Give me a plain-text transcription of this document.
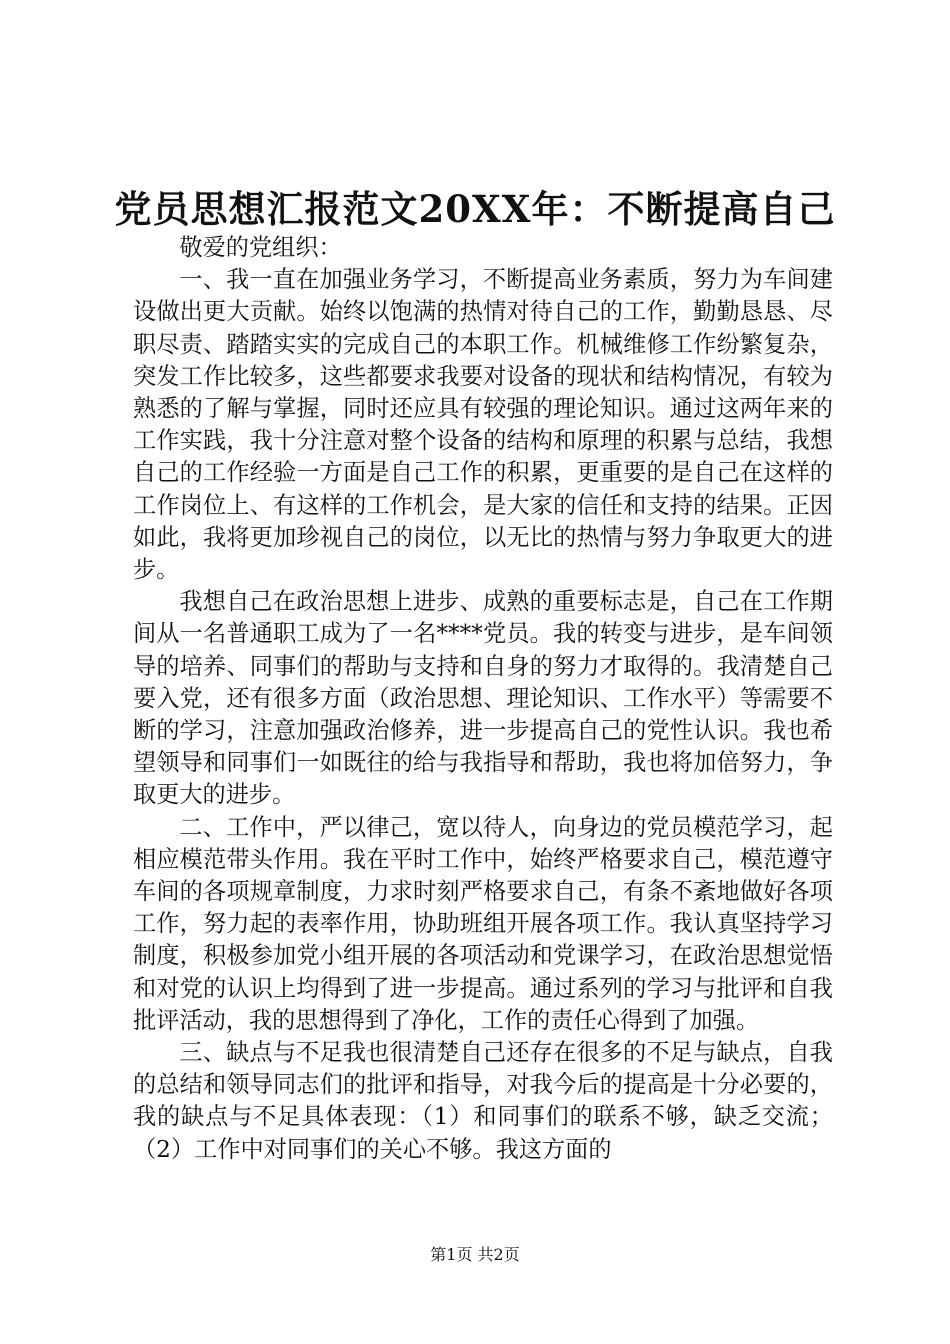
党员思想汇报范文20XX年：不断提高自己

敬爱的党组织：

一、我一直在加强业务学习，不断提高业务素质，努力为车间建设做出更大贡献。始终以饱满的热情对待自己的工作，勤勤恳恳、尽职尽责、踏踏实实的完成自己的本职工作。机械维修工作纷繁复杂，突发工作比较多，这些都要求我要对设备的现状和结构情况，有较为熟悉的了解与掌握，同时还应具有较强的理论知识。通过这两年来的工作实践，我十分注意对整个设备的结构和原理的积累与总结，我想自己的工作经验一方面是自己工作的积累，更重要的是自己在这样的工作岗位上、有这样的工作机会，是大家的信任和支持的结果。正因如此，我将更加珍视自己的岗位，以无比的热情与努力争取更大的进步。

我想自己在政治思想上进步、成熟的重要标志是，自己在工作期间从一名普通职工成为了一名****党员。我的转变与进步，是车间领导的培养、同事们的帮助与支持和自身的努力才取得的。我清楚自己要入党，还有很多方面（政治思想、理论知识、工作水平）等需要不断的学习，注意加强政治修养，进一步提高自己的党性认识。我也希望领导和同事们一如既往的给与我指导和帮助，我也将加倍努力，争取更大的进步。

二、工作中，严以律己，宽以待人，向身边的党员模范学习，起相应模范带头作用。我在平时工作中，始终严格要求自己，模范遵守车间的各项规章制度，力求时刻严格要求自己，有条不紊地做好各项工作，努力起的表率作用，协助班组开展各项工作。我认真坚持学习制度，积极参加党小组开展的各项活动和党课学习，在政治思想觉悟和对党的认识上均得到了进一步提高。通过系列的学习与批评和自我批评活动，我的思想得到了净化，工作的责任心得到了加强。

三、缺点与不足我也很清楚自己还存在很多的不足与缺点，自我的总结和领导同志们的批评和指导，对我今后的提高是十分必要的，我的缺点与不足具体表现：（1）和同事们的联系不够，缺乏交流；（2）工作中对同事们的关心不够。我这方面的

第1页 共2页
